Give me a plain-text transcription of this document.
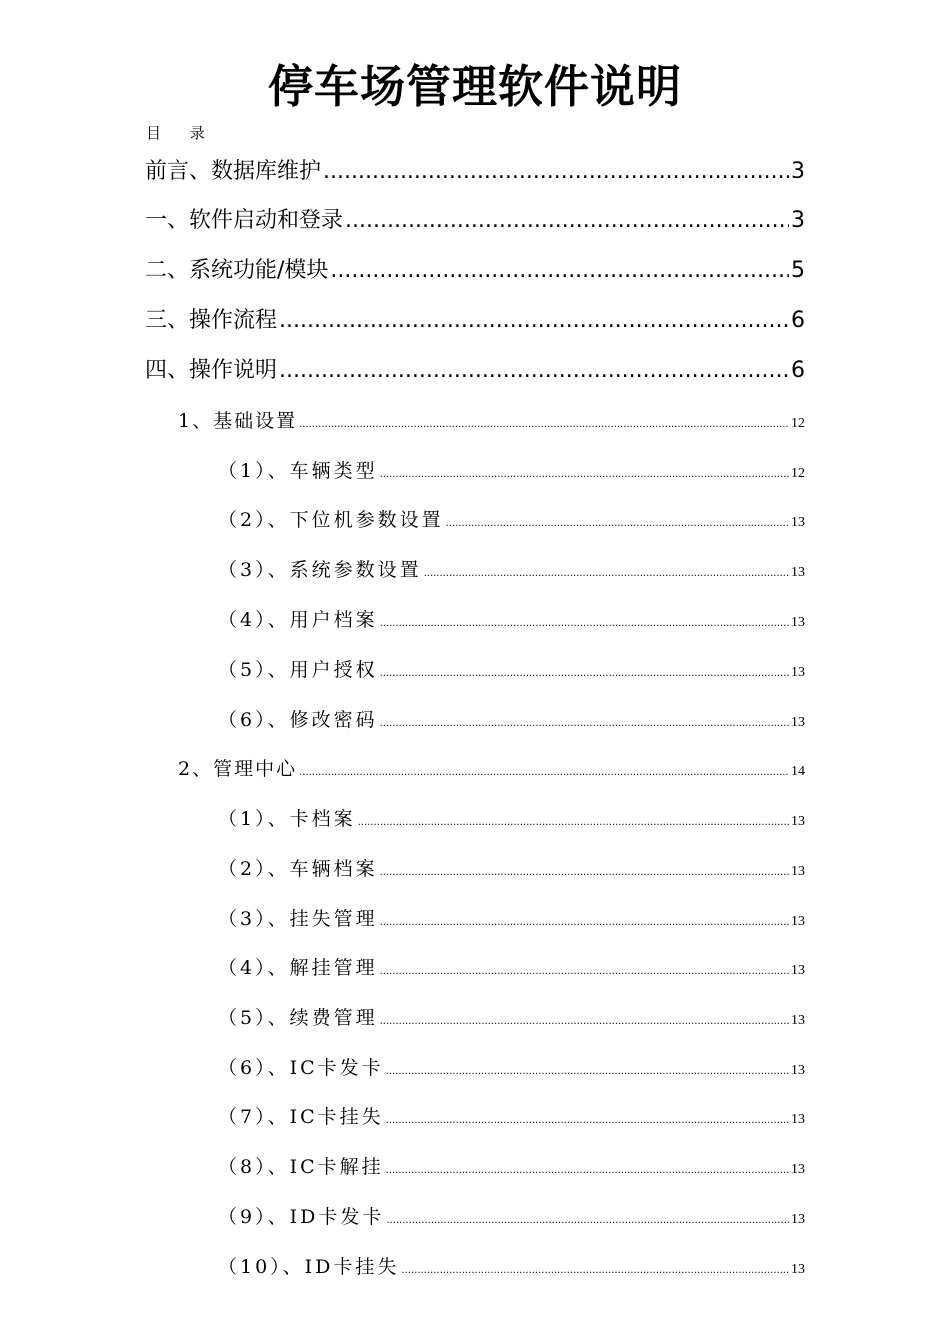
停车场管理软件说明
目 录
前言、数据库维护 .....	3
一、软件启动和登录 .....	3
二、系统功能/模块 .....	5
三、操作流程 .....	6
四、操作说明 .....	6
1、基础设置 .....	12
（1）、车辆类型 .....	12
（2）、下位机参数设置 .....	13
（3）、系统参数设置 .....	13
（4）、用户档案 .....	13
（5）、用户授权 .....	13
（6）、修改密码 .....	13
2、管理中心 .....	14
（1）、卡档案 .....	13
（2）、车辆档案 .....	13
（3）、挂失管理 .....	13
（4）、解挂管理 .....	13
（5）、续费管理 .....	13
（6）、IC卡发卡 .....	13
（7）、IC卡挂失 .....	13
（8）、IC卡解挂 .....	13
（9）、ID卡发卡 .....	13
（10）、ID卡挂失 .....	13
